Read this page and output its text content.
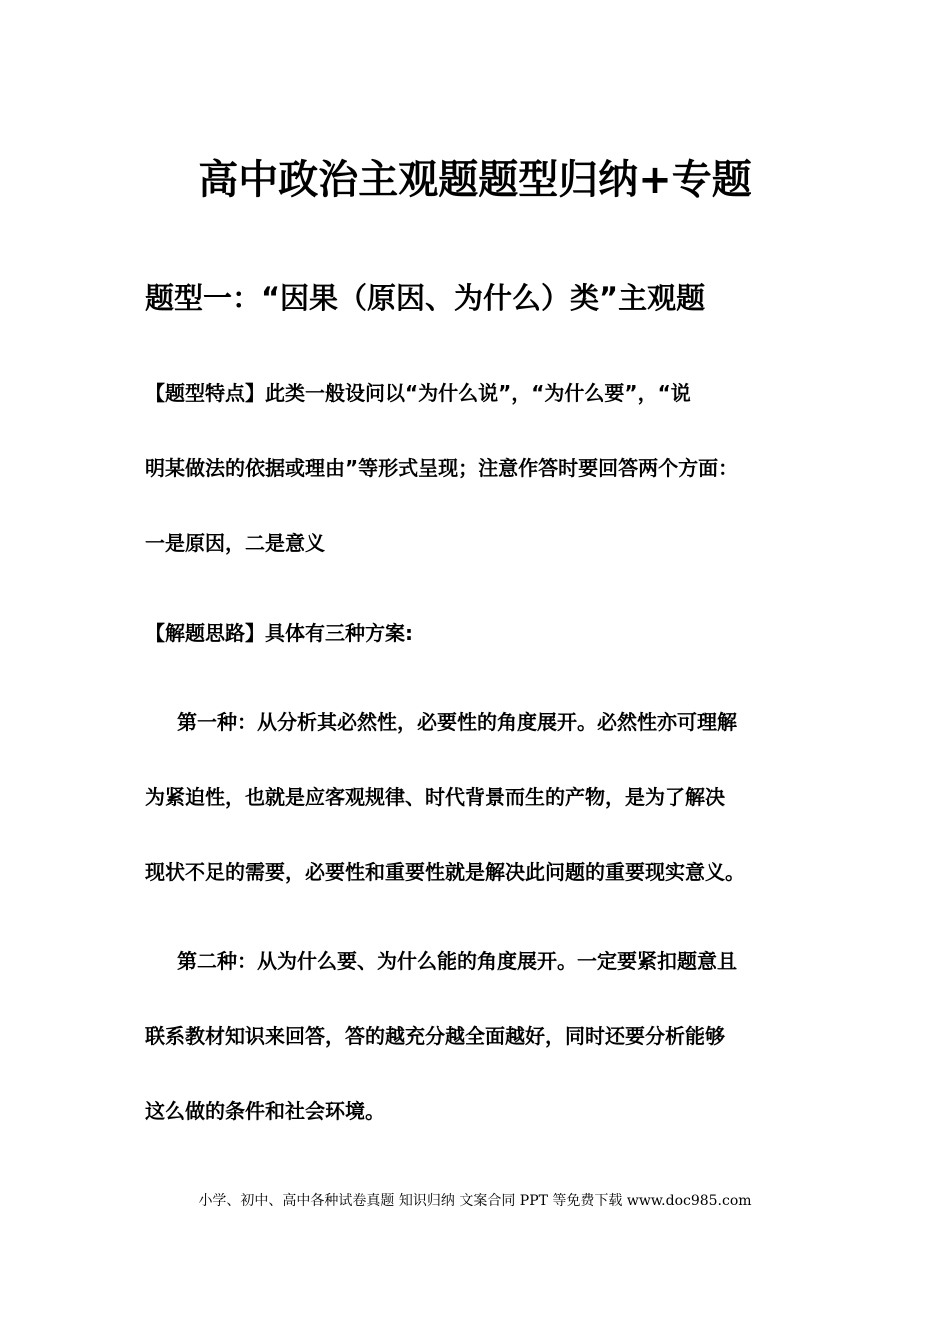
高中政治主观题题型归纳+专题
题型一：“因果（原因、为什么）类”主观题

【题型特点】此类一般设问以“为什么说”，“为什么要”，“说
明某做法的依据或理由”等形式呈现；注意作答时要回答两个方面：
一是原因，二是意义

【解题思路】具体有三种方案:

第一种：从分析其必然性，必要性的角度展开。必然性亦可理解
为紧迫性，也就是应客观规律、时代背景而生的产物，是为了解决
现状不足的需要，必要性和重要性就是解决此问题的重要现实意义。

第二种：从为什么要、为什么能的角度展开。一定要紧扣题意且
联系教材知识来回答，答的越充分越全面越好，同时还要分析能够
这么做的条件和社会环境。

小学、初中、高中各种试卷真题 知识归纳 文案合同 PPT 等免费下载 www.doc985.com
